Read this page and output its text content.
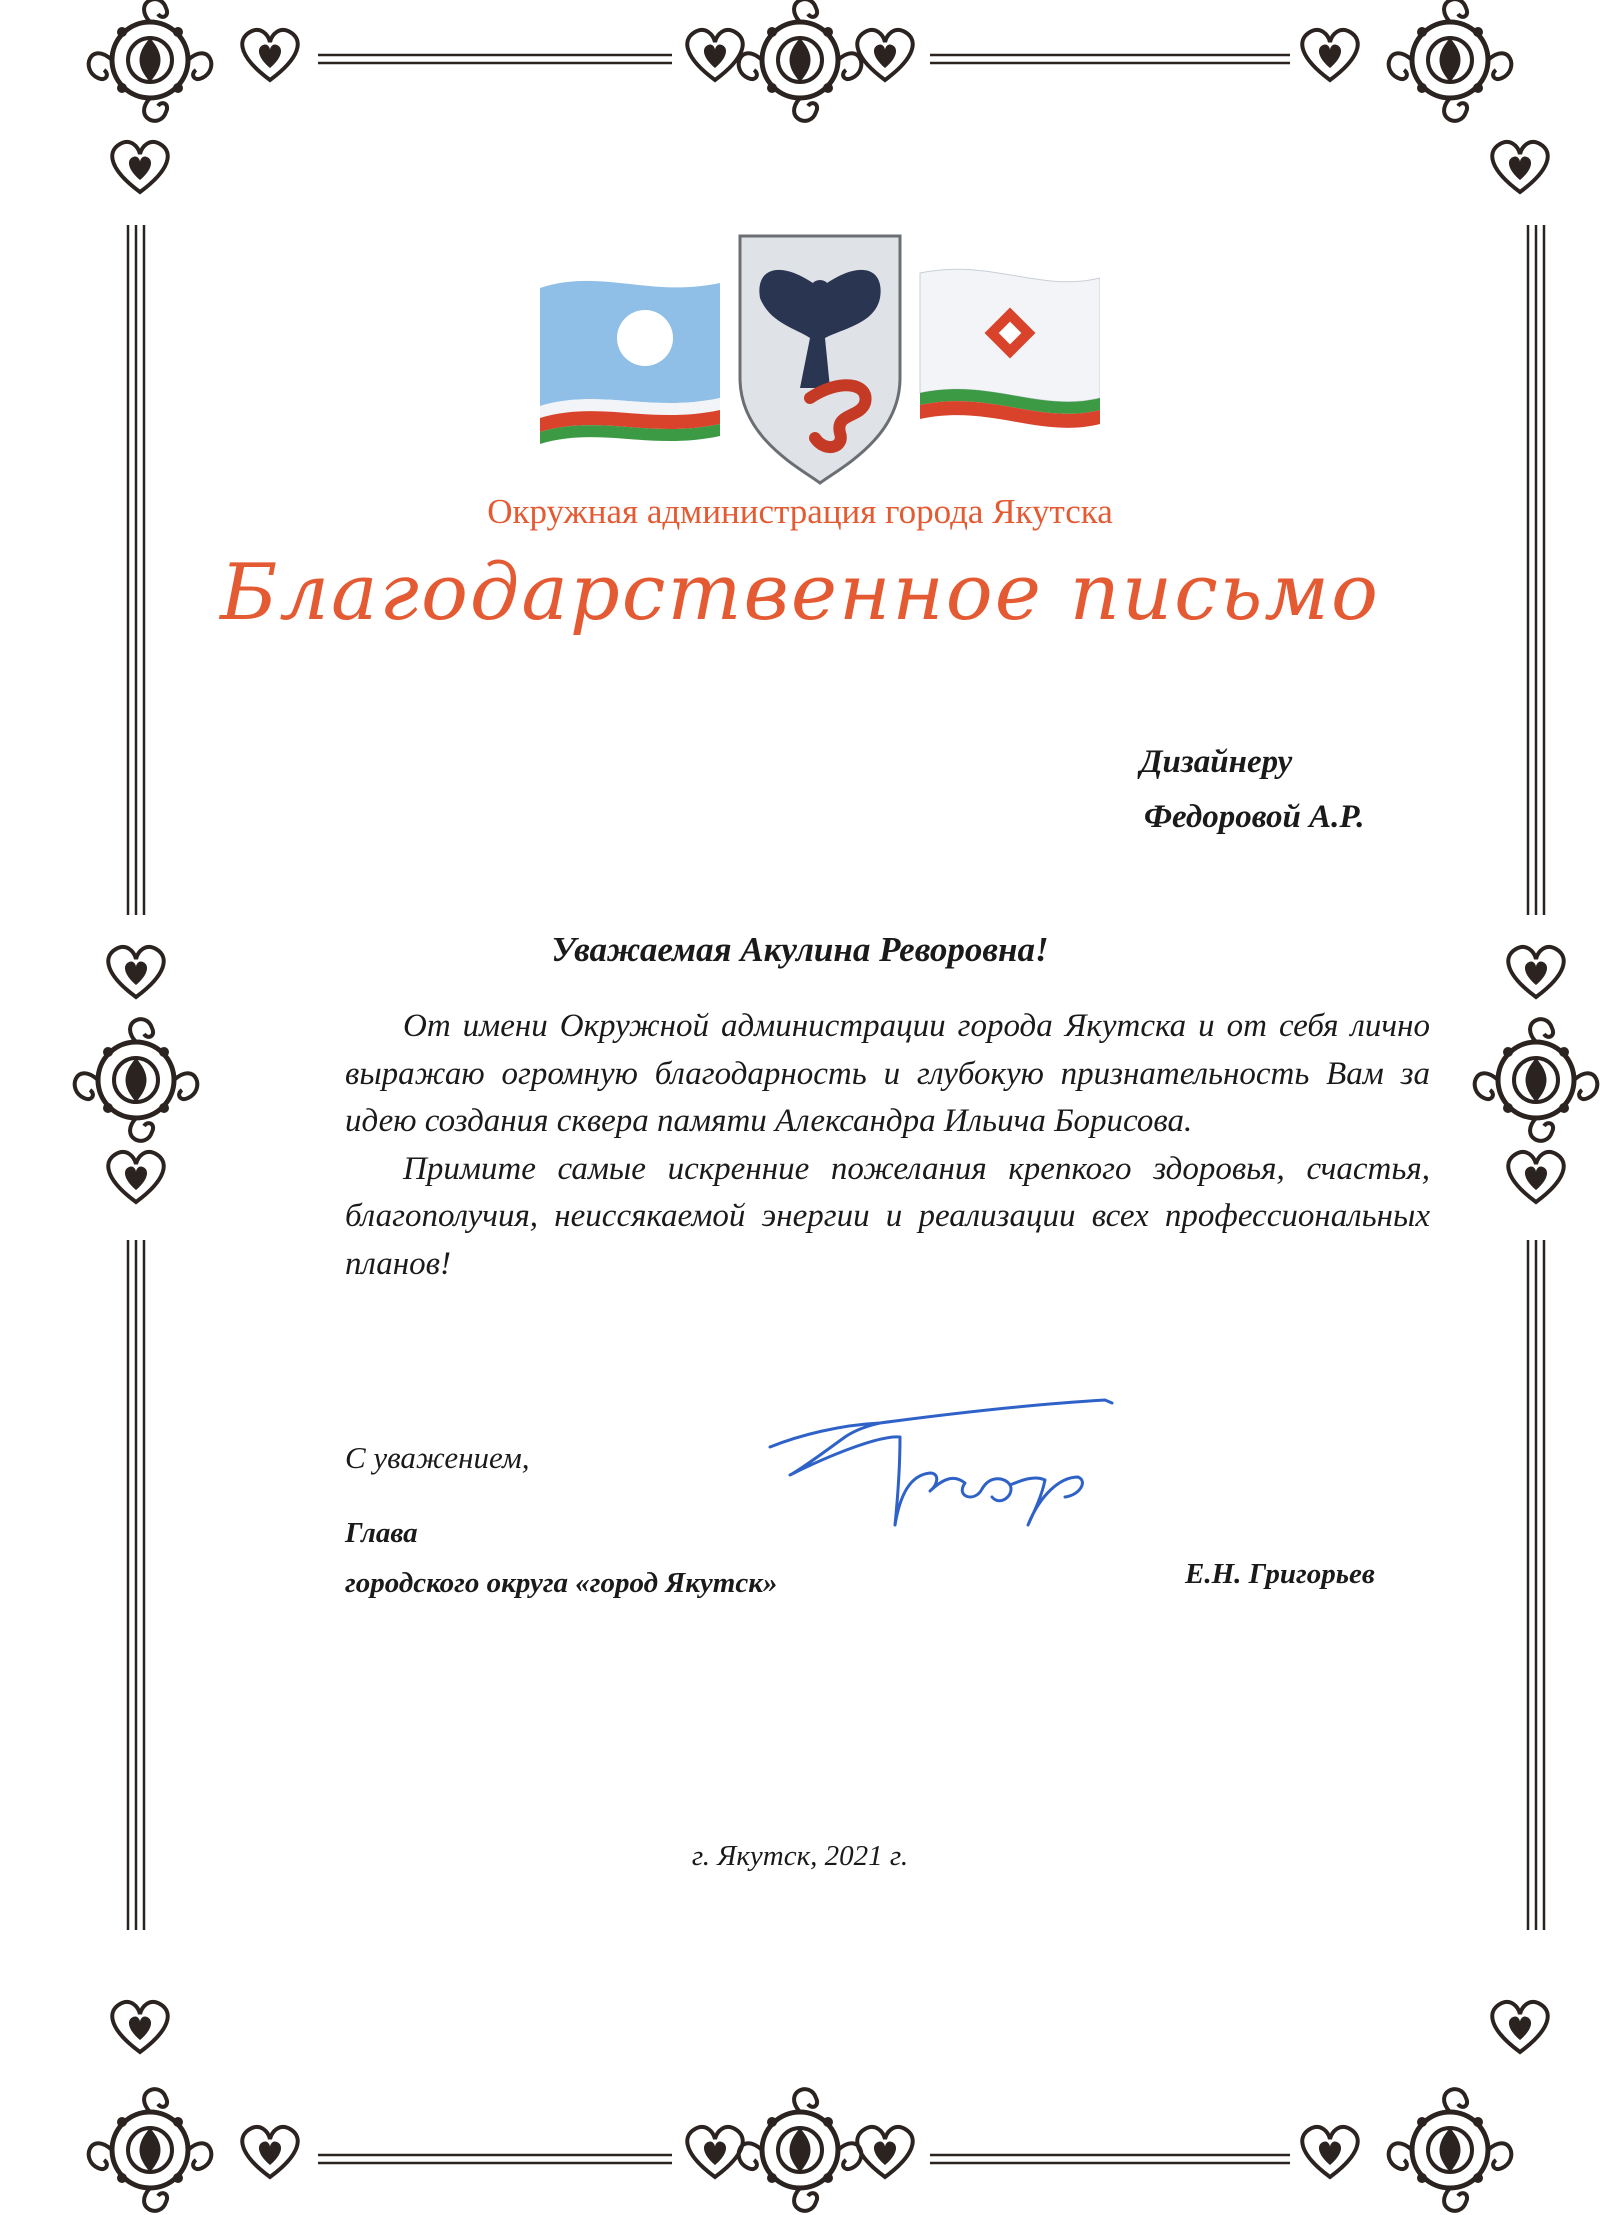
Окружная администрация города Якутска
Благодарственное письмо
Дизайнеру
Федоровой А.Р.
Уважаемая Акулина Реворовна!

От имени Окружной администрации города Якутска и от себя лично выражаю огромную благодарность и глубокую признательность Вам за идею создания сквера памяти Александра Ильича Борисова.

Примите самые искренние пожелания крепкого здоровья, счастья, благополучия, неиссякаемой энергии и реализации всех профессиональных планов!

С уважением,
Глава
городского округа «город Якутск»	Е.Н. Григорьев
г. Якутск, 2021 г.
